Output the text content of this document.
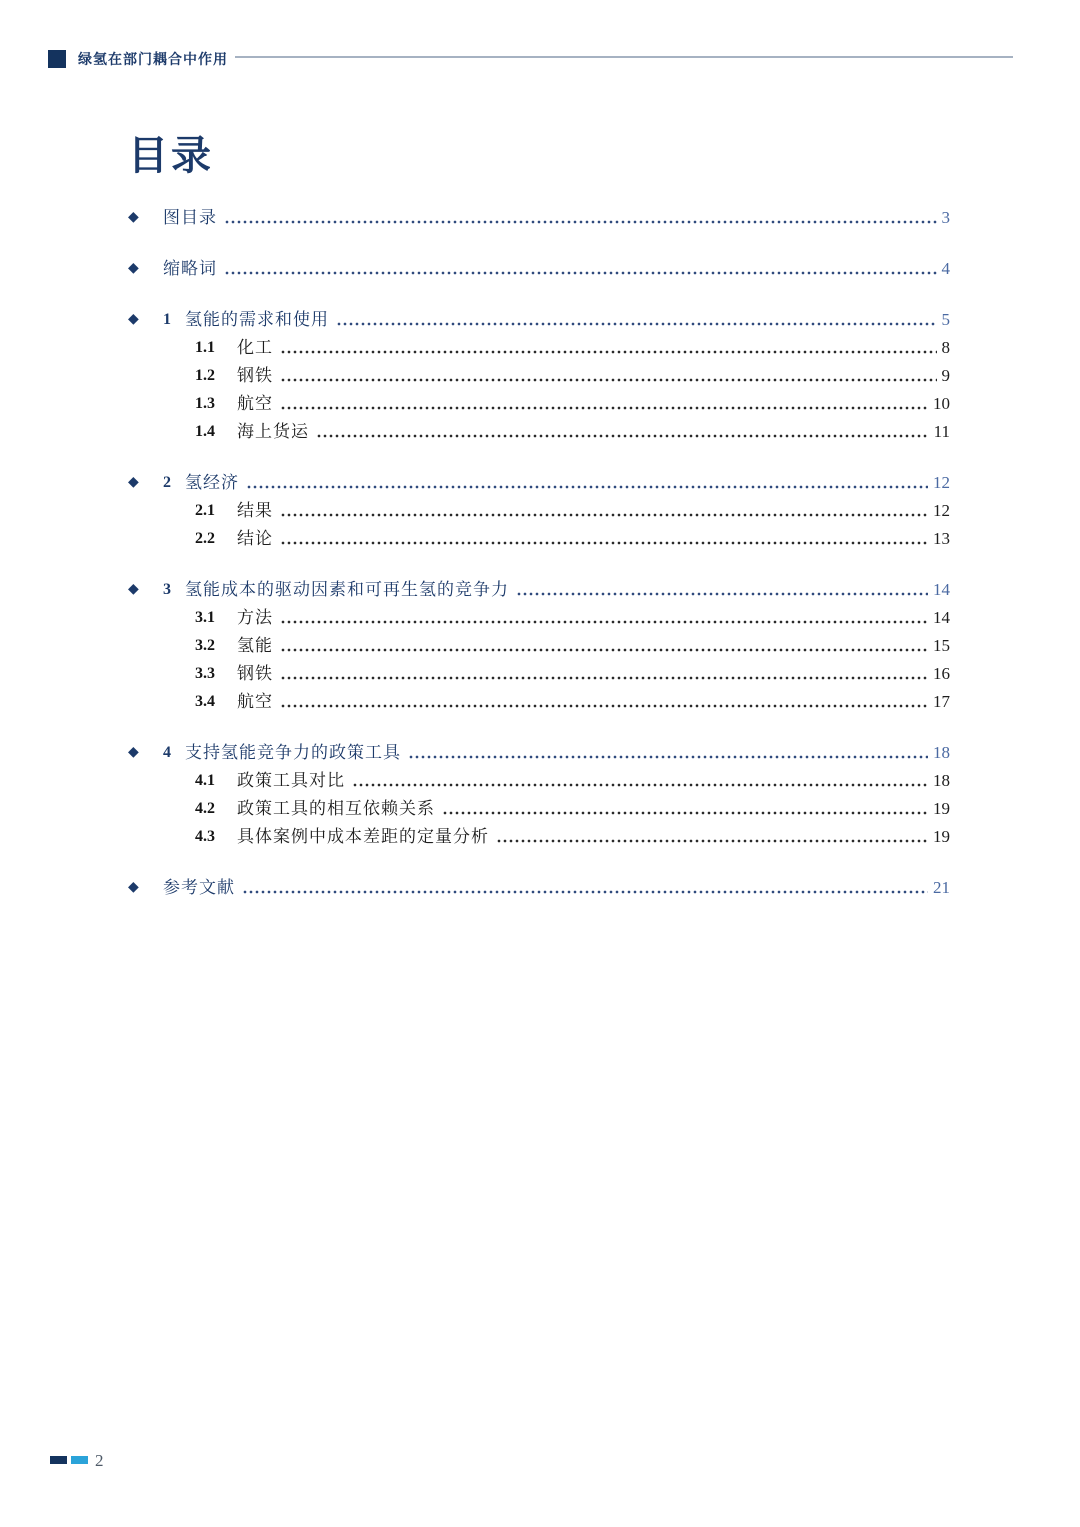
绿氢在部门耦合中作用
目录
◆	图目录	3
◆	缩略词	4
◆	1 氢能的需求和使用	5
1.1	化工	8
1.2	钢铁	9
1.3	航空	10
1.4	海上货运	11
◆	2 氢经济	12
2.1	结果	12
2.2	结论	13
◆	3 氢能成本的驱动因素和可再生氢的竞争力	14
3.1	方法	14
3.2	氢能	15
3.3	钢铁	16
3.4	航空	17
◆	4 支持氢能竞争力的政策工具	18
4.1	政策工具对比	18
4.2	政策工具的相互依赖关系	19
4.3	具体案例中成本差距的定量分析	19
◆	参考文献	21
2
